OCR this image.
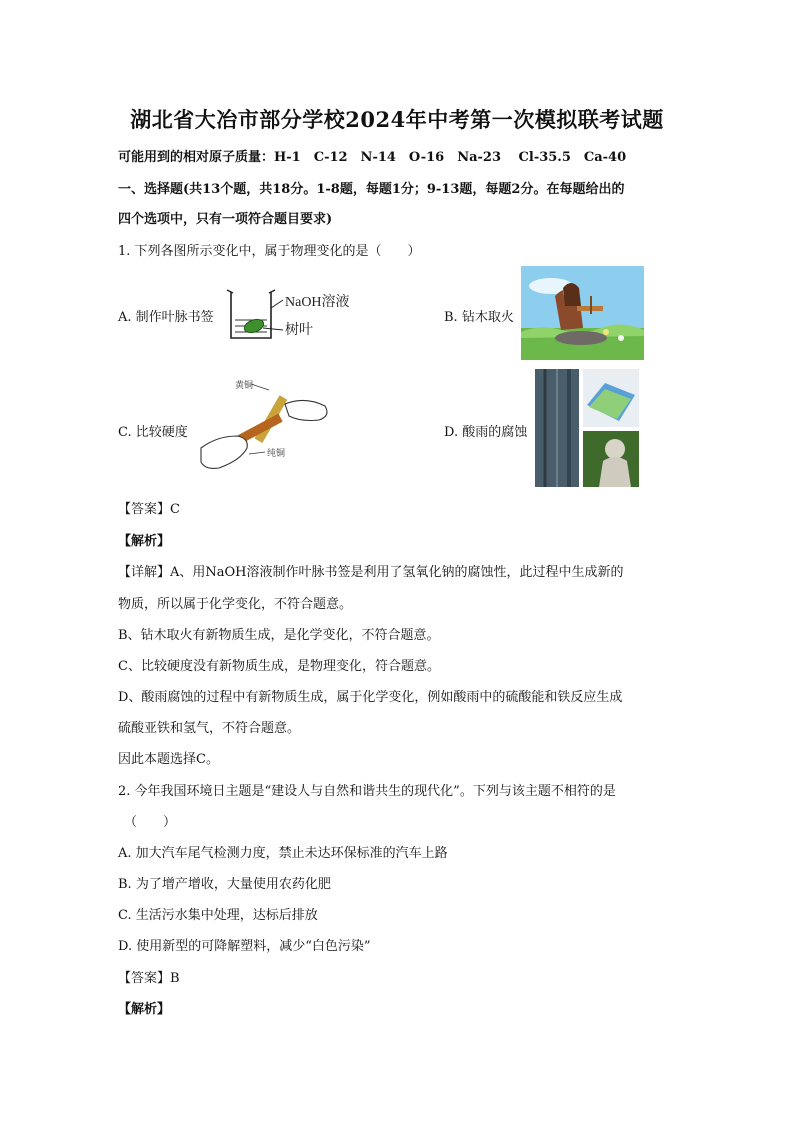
湖北省大冶市部分学校2024年中考第一次模拟联考试题
可能用到的相对原子质量：H-1　C-12　N-14　O-16　Na-23　 Cl-35.5　Ca-40
一、选择题(共13个题，共18分。1-8题，每题1分；9-13题，每题2分。在每题给出的
四个选项中，只有一项符合题目要求)
1. 下列各图所示变化中，属于物理变化的是（　　）
A. 制作叶脉书签
NaOH溶液
树叶
B. 钻木取火
C. 比较硬度
黄铜
纯铜
D. 酸雨的腐蚀
【答案】C
【解析】
【详解】A、用NaOH溶液制作叶脉书签是利用了氢氧化钠的腐蚀性，此过程中生成新的
物质，所以属于化学变化，不符合题意。
B、钻木取火有新物质生成，是化学变化，不符合题意。
C、比较硬度没有新物质生成，是物理变化，符合题意。
D、酸雨腐蚀的过程中有新物质生成，属于化学变化，例如酸雨中的硫酸能和铁反应生成
硫酸亚铁和氢气，不符合题意。
因此本题选择C。
2. 今年我国环境日主题是“建设人与自然和谐共生的现代化”。下列与该主题不相符的是
（　　）
A. 加大汽车尾气检测力度，禁止未达环保标准的汽车上路
B. 为了增产增收，大量使用农药化肥
C. 生活污水集中处理，达标后排放
D. 使用新型的可降解塑料，减少“白色污染”
【答案】B
【解析】
